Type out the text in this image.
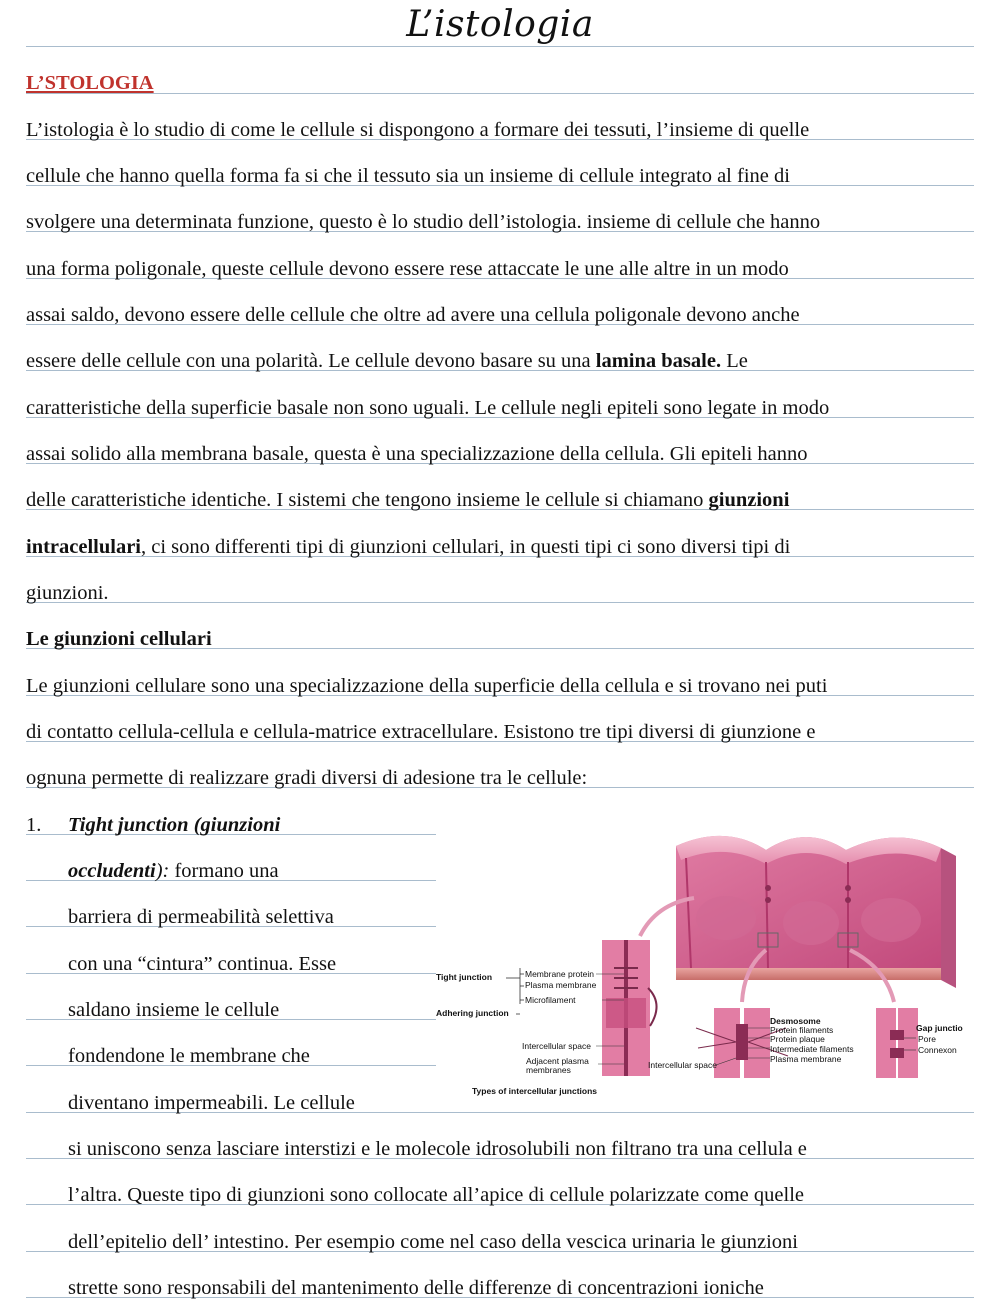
L’istologia
L’STOLOGIA
L’istologia è lo studio di come le cellule si dispongono a formare dei tessuti, l’insieme di quelle
cellule che hanno quella forma fa si che il tessuto sia un insieme di cellule integrato al fine di
svolgere una determinata funzione, questo è lo studio dell’istologia. insieme di cellule che hanno
una forma poligonale, queste cellule devono essere rese attaccate le une alle altre in un modo
assai saldo, devono essere delle cellule che oltre ad avere una cellula poligonale devono anche
essere delle cellule con una polarità. Le cellule devono basare su una lamina basale. Le
caratteristiche della superficie basale non sono uguali. Le cellule negli epiteli sono legate in modo
assai solido alla membrana basale, questa è una specializzazione della cellula. Gli epiteli hanno
delle caratteristiche identiche. I sistemi che tengono insieme le cellule si chiamano giunzioni
intracellulari, ci sono differenti tipi di giunzioni cellulari, in questi tipi ci sono diversi tipi di
giunzioni.
Le giunzioni cellulari
Le giunzioni cellulare sono una specializzazione della superficie della cellula e si trovano nei puti
di contatto cellula-cellula e cellula-matrice extracellulare. Esistono tre tipi diversi di giunzione e
ognuna permette di realizzare gradi diversi di adesione tra le cellule:
1. Tight junction (giunzioni
occludenti): formano una
barriera di permeabilità selettiva
con una “cintura” continua. Esse
saldano insieme le cellule
fondendone le membrane che
diventano impermeabili. Le cellule
si uniscono senza lasciare interstizi e le molecole idrosolubili non filtrano tra una cellula e
l’altra. Queste tipo di giunzioni sono collocate all’apice di cellule polarizzate come quelle
dell’epitelio dell’ intestino. Per esempio come nel caso della vescica urinaria le giunzioni
strette sono responsabili del mantenimento delle differenze di concentrazioni ioniche
Tight junction
Adhering junction
Membrane protein
Plasma membrane
Microfilament
Intercellular space
Adjacent plasma
membranes
Types of intercellular junctions
Intercellular space
Desmosome
Protein filaments
Protein plaque
Intermediate filaments
Plasma membrane
Gap junctio
Pore
Connexon
